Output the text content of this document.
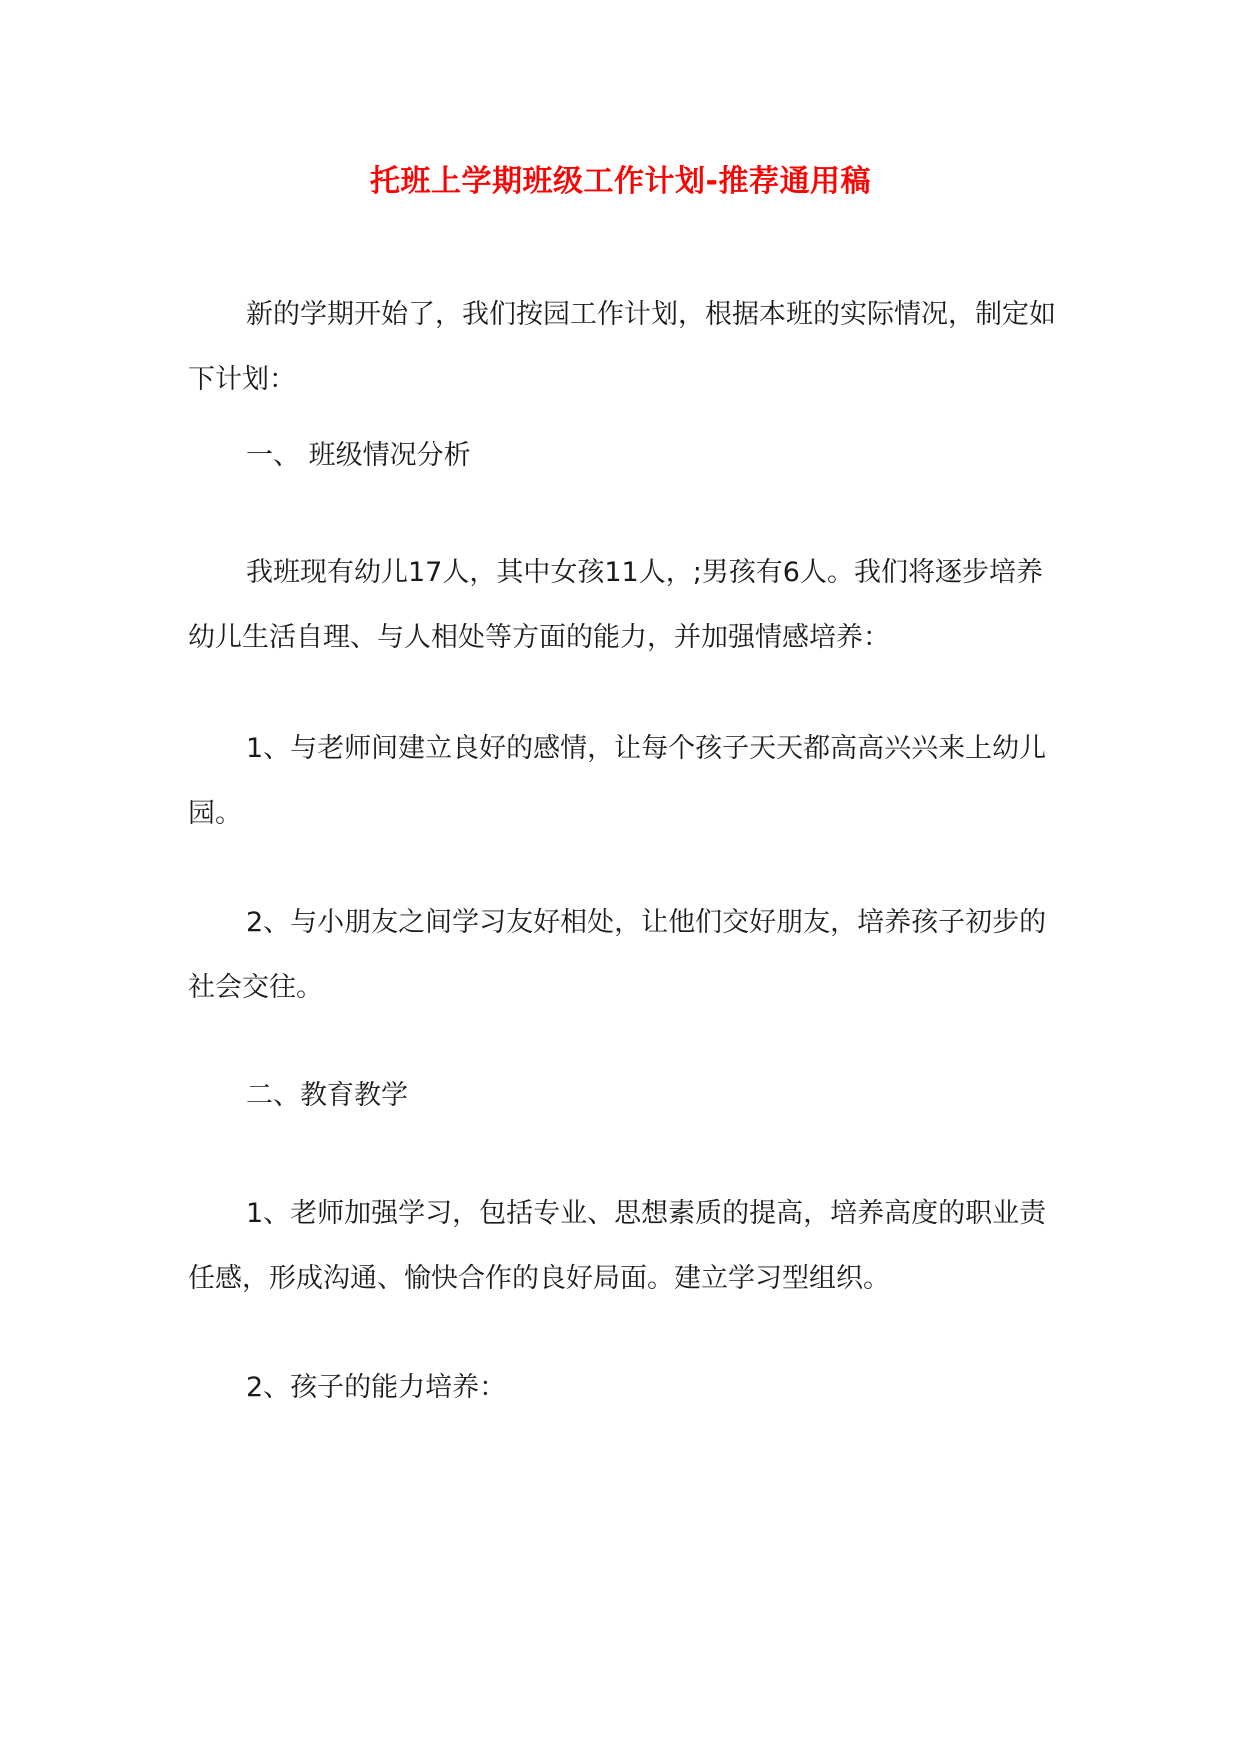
托班上学期班级工作计划-推荐通用稿

新的学期开始了，我们按园工作计划，根据本班的实际情况，制定如下计划：

一、 班级情况分析

我班现有幼儿17人，其中女孩11人，;男孩有6人。我们将逐步培养幼儿生活自理、与人相处等方面的能力，并加强情感培养：

1、与老师间建立良好的感情，让每个孩子天天都高高兴兴来上幼儿园。

2、与小朋友之间学习友好相处，让他们交好朋友，培养孩子初步的社会交往。

二、教育教学

1、老师加强学习，包括专业、思想素质的提高，培养高度的职业责任感，形成沟通、愉快合作的良好局面。建立学习型组织。

2、孩子的能力培养：
